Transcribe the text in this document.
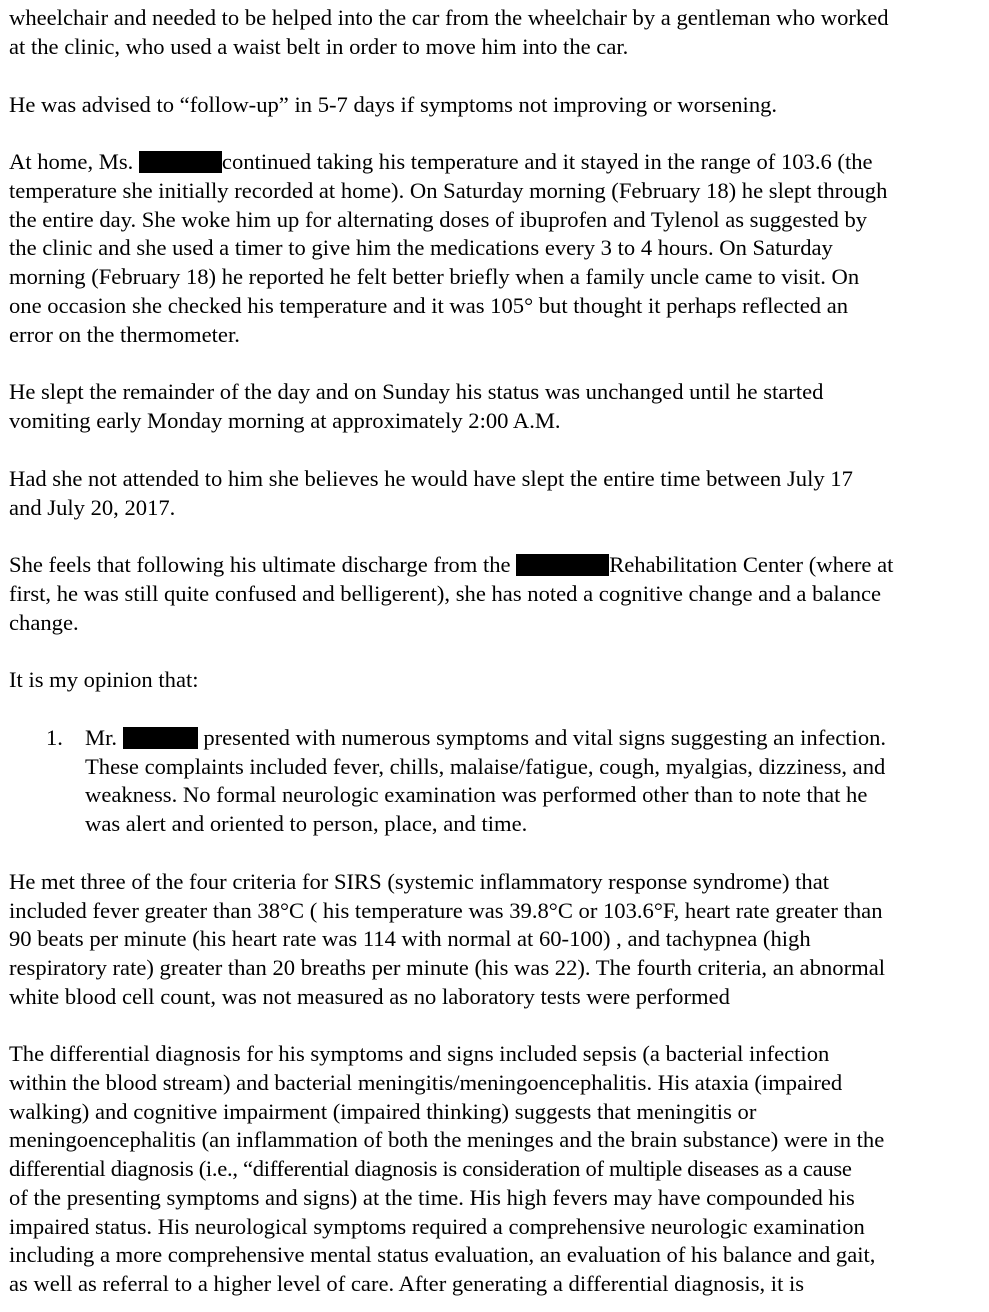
wheelchair and needed to be helped into the car from the wheelchair by a gentleman who worked
at the clinic, who used a waist belt in order to move him into the car.
He was advised to “follow-up” in 5-7 days if symptoms not improving or worsening.
At home, Ms.	continued taking his temperature and it stayed in the range of 103.6 (the
temperature she initially recorded at home). On Saturday morning (February 18) he slept through
the entire day. She woke him up for alternating doses of ibuprofen and Tylenol as suggested by
the clinic and she used a timer to give him the medications every 3 to 4 hours. On Saturday
morning (February 18) he reported he felt better briefly when a family uncle came to visit. On
one occasion she checked his temperature and it was 105° but thought it perhaps reflected an
error on the thermometer.
He slept the remainder of the day and on Sunday his status was unchanged until he started
vomiting early Monday morning at approximately 2:00 A.M.
Had she not attended to him she believes he would have slept the entire time between July 17
and July 20, 2017.
She feels that following his ultimate discharge from the	Rehabilitation Center (where at
first, he was still quite confused and belligerent), she has noted a cognitive change and a balance
change.
It is my opinion that:
1. Mr.	presented with numerous symptoms and vital signs suggesting an infection.
These complaints included fever, chills, malaise/fatigue, cough, myalgias, dizziness, and
weakness. No formal neurologic examination was performed other than to note that he
was alert and oriented to person, place, and time.
He met three of the four criteria for SIRS (systemic inflammatory response syndrome) that
included fever greater than 38°C ( his temperature was 39.8°C or 103.6°F, heart rate greater than
90 beats per minute (his heart rate was 114 with normal at 60-100) , and tachypnea (high
respiratory rate) greater than 20 breaths per minute (his was 22). The fourth criteria, an abnormal
white blood cell count, was not measured as no laboratory tests were performed
The differential diagnosis for his symptoms and signs included sepsis (a bacterial infection
within the blood stream) and bacterial meningitis/meningoencephalitis. His ataxia (impaired
walking) and cognitive impairment (impaired thinking) suggests that meningitis or
meningoencephalitis (an inflammation of both the meninges and the brain substance) were in the
differential diagnosis (i.e., “differential diagnosis is consideration of multiple diseases as a cause
of the presenting symptoms and signs) at the time. His high fevers may have compounded his
impaired status. His neurological symptoms required a comprehensive neurologic examination
including a more comprehensive mental status evaluation, an evaluation of his balance and gait,
as well as referral to a higher level of care. After generating a differential diagnosis, it is
